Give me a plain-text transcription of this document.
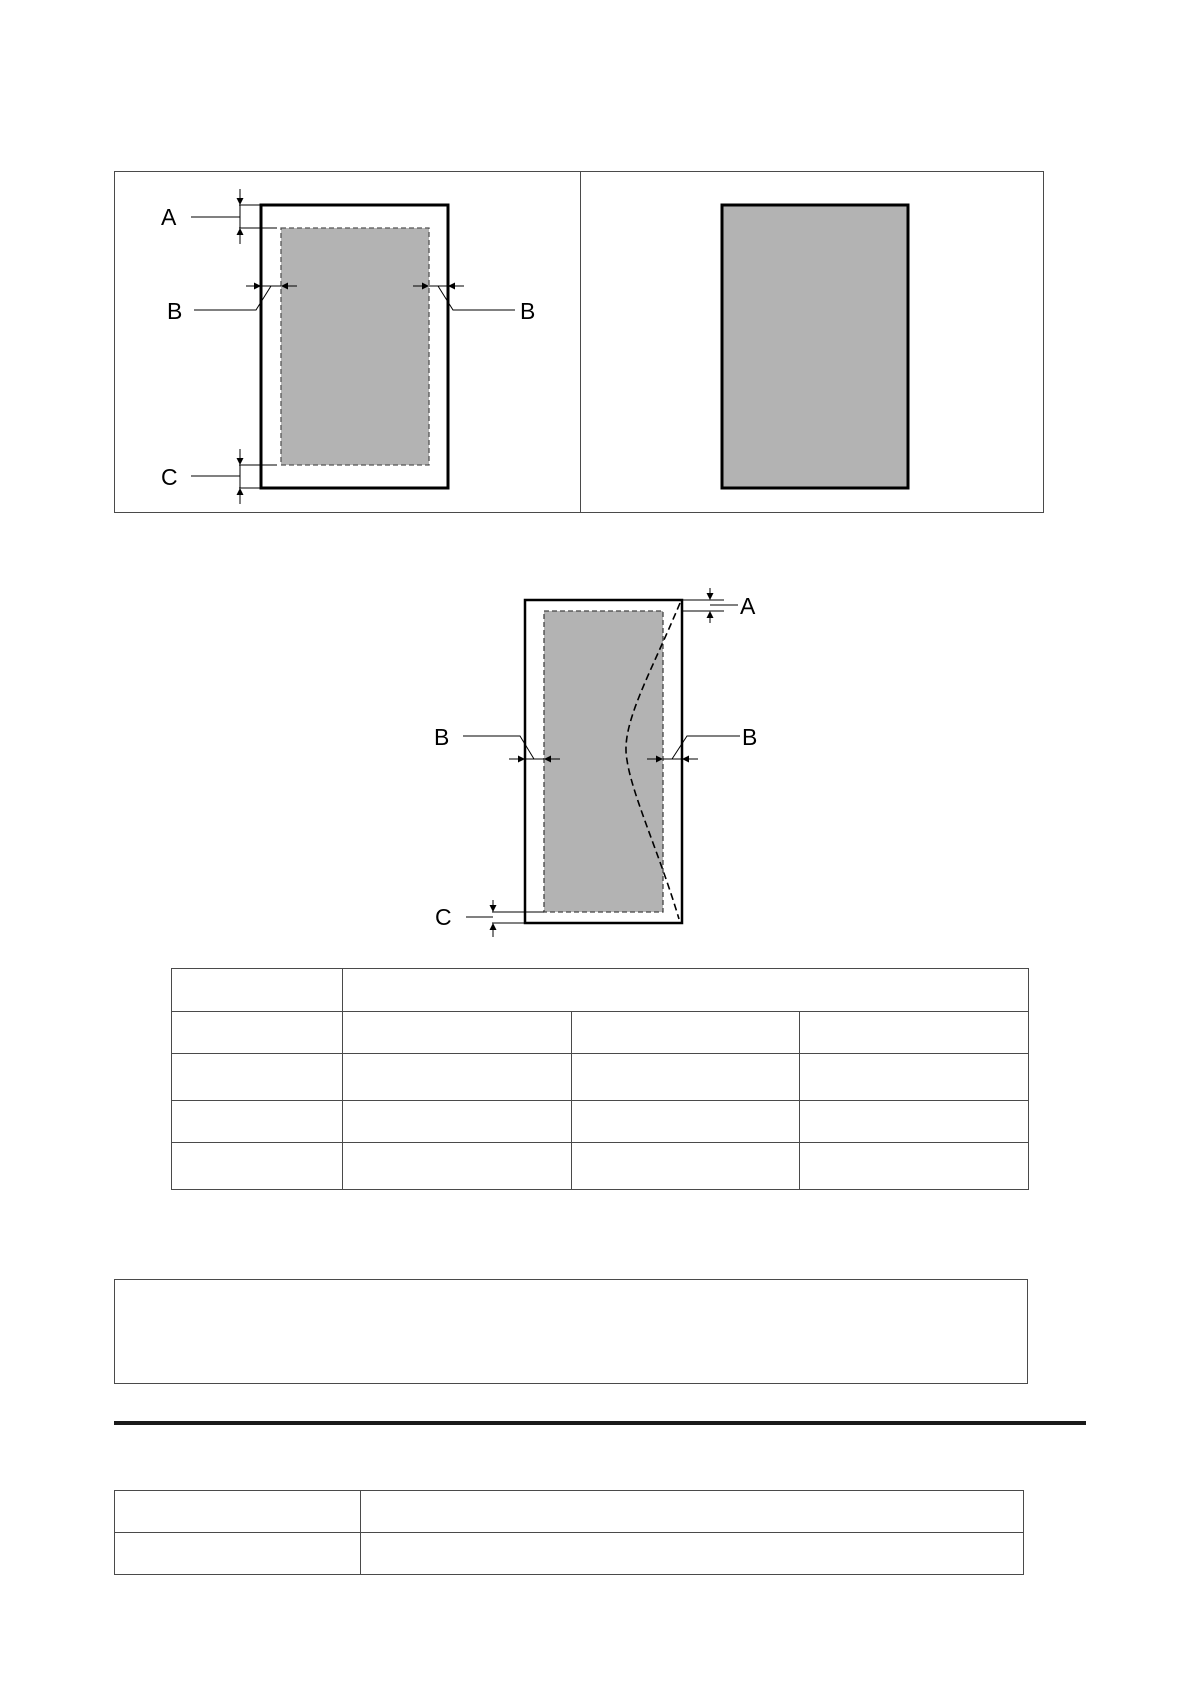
A
B	B
C
A
B	B
C
